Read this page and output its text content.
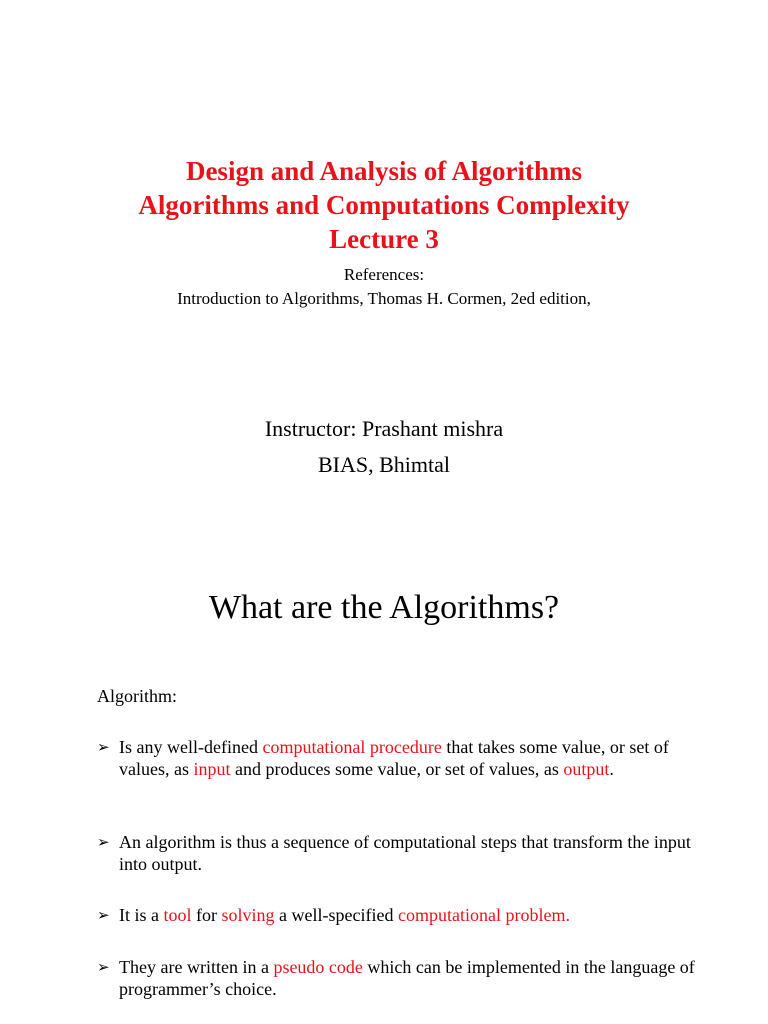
Design and Analysis of Algorithms
Algorithms and Computations Complexity
Lecture 3
References:
Introduction to Algorithms, Thomas H. Cormen, 2ed edition,
Instructor: Prashant mishra
BIAS, Bhimtal
What are the Algorithms?
Algorithm:
➢ Is any well-defined computational procedure that takes some value, or set of values, as input and produces some value, or set of values, as output.
➢ An algorithm is thus a sequence of computational steps that transform the input into output.
➢ It is a tool for solving a well-specified computational problem.
➢ They are written in a pseudo code which can be implemented in the language of programmer’s choice.
